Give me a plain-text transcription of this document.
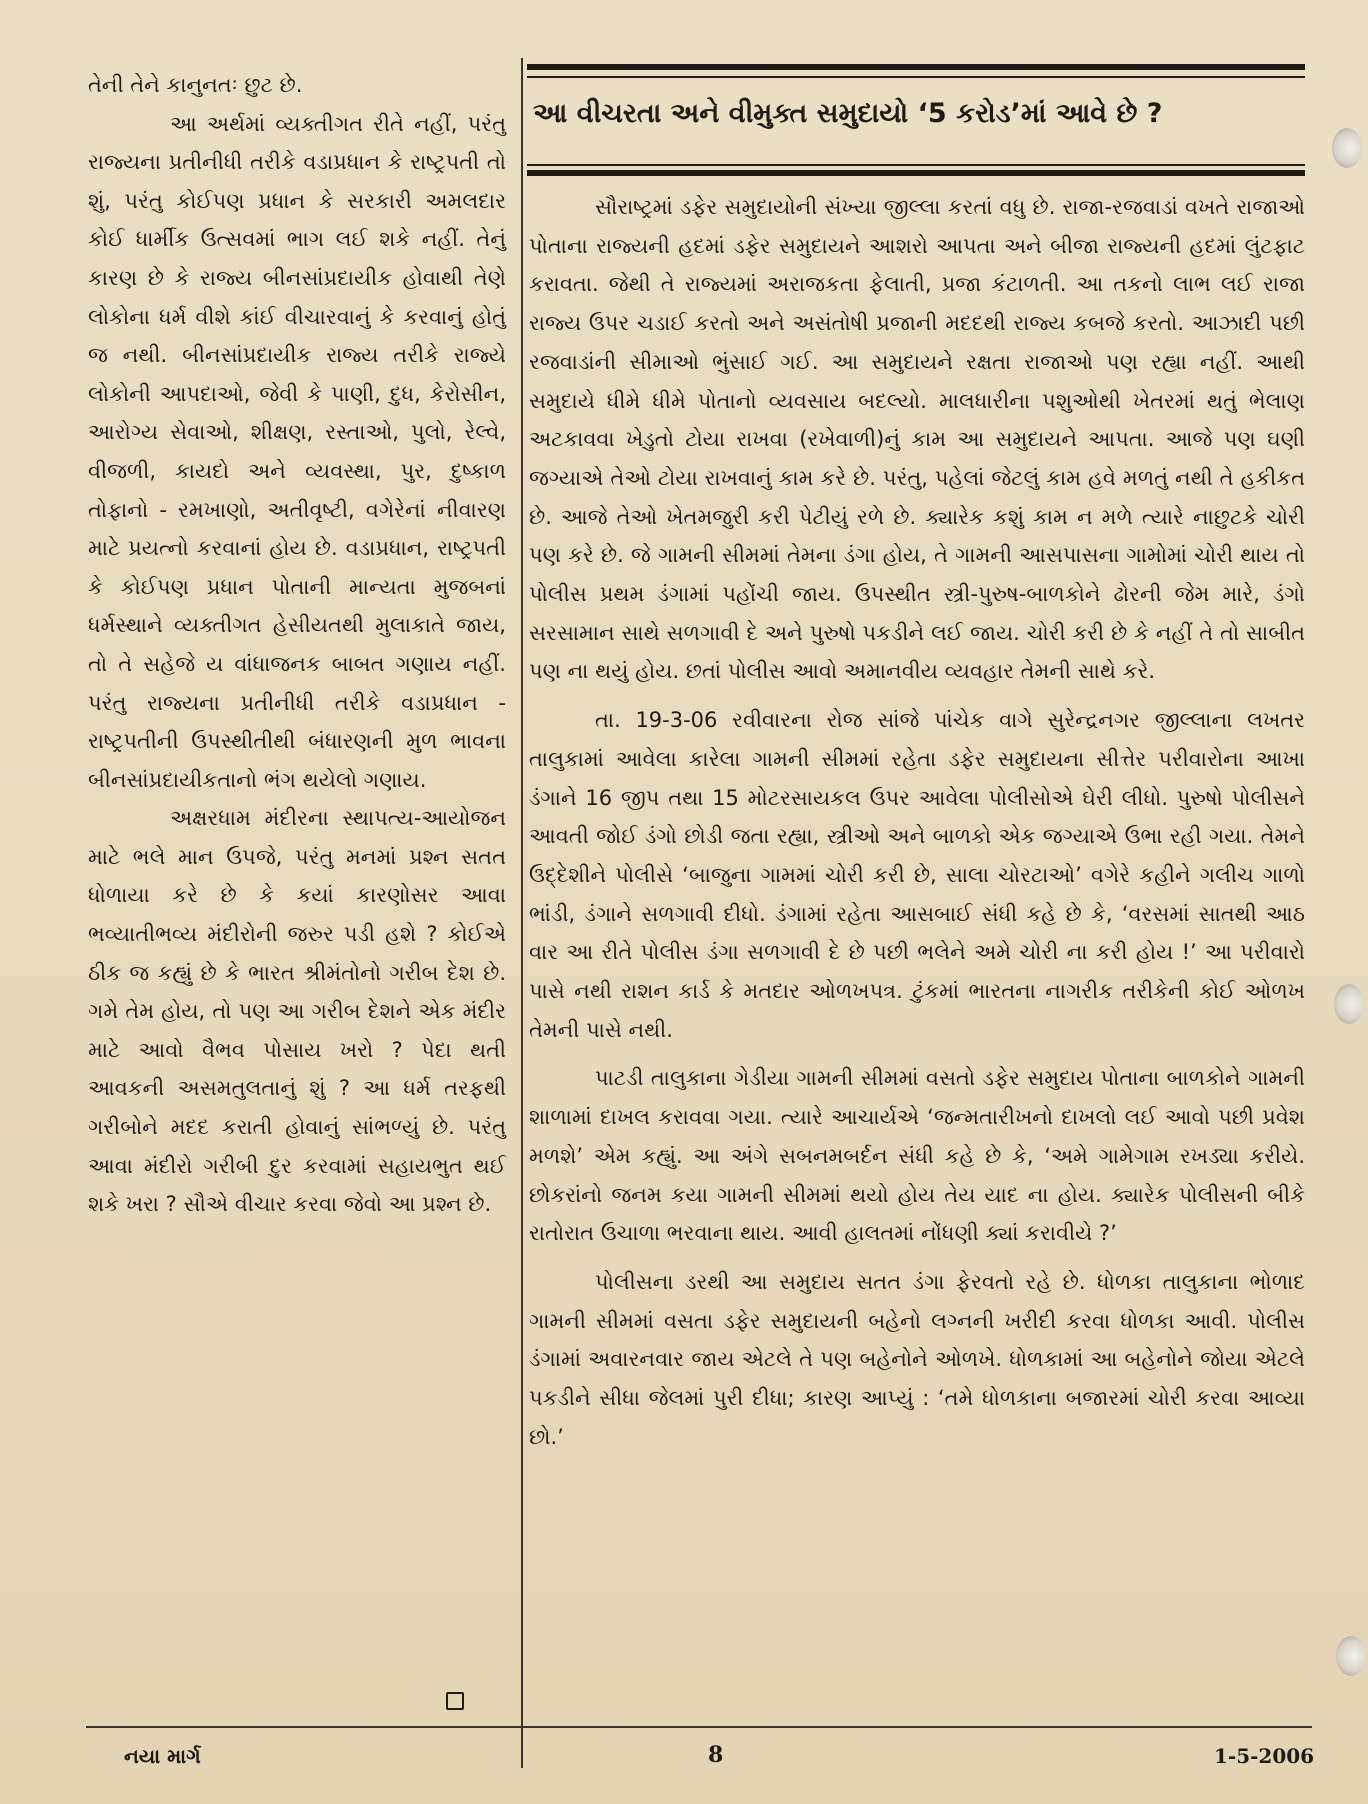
તેની તેને કાનુનતઃ છુટ છે.

આ અર્થમાં વ્યક્તીગત રીતે નહીં, પરંતુ રાજ્યના પ્રતીનીધી તરીકે વડાપ્રધાન કે રાષ્ટ્રપતી તો શું, પરંતુ કોઈપણ પ્રધાન કે સરકારી અમલદાર કોઈ ધાર્મીક ઉત્સવમાં ભાગ લઈ શકે નહીં. તેનું કારણ છે કે રાજ્ય બીનસાંપ્રદાયીક હોવાથી તેણે લોકોના ધર્મ વીશે કાંઈ વીચારવાનું કે કરવાનું હોતું જ નથી. બીનસાંપ્રદાયીક રાજ્ય તરીકે રાજ્યે લોકોની આપદાઓ, જેવી કે પાણી, દુધ, કેરોસીન, આરોગ્ય સેવાઓ, શીક્ષણ, રસ્તાઓ, પુલો, રેલ્વે, વીજળી, કાયદો અને વ્યવસ્થા, પુર, દુષ્કાળ તોફાનો - રમખાણો, અતીવૃષ્ટી, વગેરેનાં નીવારણ માટે પ્રયત્નો કરવાનાં હોય છે. વડાપ્રધાન, રાષ્ટ્રપતી કે કોઈપણ પ્રધાન પોતાની માન્યતા મુજબનાં ધર્મસ્થાને વ્યક્તીગત હેસીયતથી મુલાકાતે જાય, તો તે સહેજે ય વાંધાજનક બાબત ગણાય નહીં. પરંતુ રાજ્યના પ્રતીનીધી તરીકે વડાપ્રધાન - રાષ્ટ્રપતીની ઉપસ્થીતીથી બંધારણની મુળ ભાવના બીનસાંપ્રદાયીકતાનો ભંગ થયેલો ગણાય.

અક્ષરધામ મંદીરના સ્થાપત્ય-આયોજન માટે ભલે માન ઉપજે, પરંતુ મનમાં પ્રશ્ન સતત ધોળાયા કરે છે કે કયાં કારણોસર આવા ભવ્યાતીભવ્ય મંદીરોની જરુર પડી હશે ? કોઈએ ઠીક જ કહ્યું છે કે ભારત શ્રીમંતોનો ગરીબ દેશ છે. ગમે તેમ હોય, તો પણ આ ગરીબ દેશને એક મંદીર માટે આવો વૈભવ પોસાય ખરો ? પેદા થતી આવકની અસમતુલતાનું શું ? આ ધર્મ તરફથી ગરીબોને મદદ કરાતી હોવાનું સાંભળ્યું છે. પરંતુ આવા મંદીરો ગરીબી દુર કરવામાં સહાયભુત થઈ શકે ખરા ? સૌએ વીચાર કરવા જેવો આ પ્રશ્ન છે.

આ વીચરતા અને વીમુક્ત સમુદાયો ‘5 કરોડ’માં આવે છે ?

સૌરાષ્ટ્રમાં ડફેર સમુદાયોની સંખ્યા જીલ્લા કરતાં વધુ છે. રાજા-રજવાડાં વખતે રાજાઓ પોતાના રાજ્યની હદમાં ડફેર સમુદાયને આશરો આપતા અને બીજા રાજ્યની હદમાં લુંટફાટ કરાવતા. જેથી તે રાજ્યમાં અરાજકતા ફેલાતી, પ્રજા કંટાળતી. આ તકનો લાભ લઈ રાજા રાજ્ય ઉપર ચડાઈ કરતો અને અસંતોષી પ્રજાની મદદથી રાજ્ય કબજે કરતો. આઝાદી પછી રજવાડાંની સીમાઓ ભુંસાઈ ગઈ. આ સમુદાયને રક્ષતા રાજાઓ પણ રહ્યા નહીં. આથી સમુદાયે ધીમે ધીમે પોતાનો વ્યવસાય બદલ્યો. માલધારીના પશુઓથી ખેતરમાં થતું ભેલાણ અટકાવવા ખેડુતો ટોયા રાખવા (રખેવાળી)નું કામ આ સમુદાયને આપતા. આજે પણ ઘણી જગ્યાએ તેઓ ટોયા રાખવાનું કામ કરે છે. પરંતુ, પહેલાં જેટલું કામ હવે મળતું નથી તે હકીકત છે. આજે તેઓ ખેતમજુરી કરી પેટીયું રળે છે. ક્યારેક કશું કામ ન મળે ત્યારે નાછુટકે ચોરી પણ કરે છે. જે ગામની સીમમાં તેમના ડંગા હોય, તે ગામની આસપાસના ગામોમાં ચોરી થાય તો પોલીસ પ્રથમ ડંગામાં પહોંચી જાય. ઉપસ્થીત સ્ત્રી-પુરુષ-બાળકોને ઢોરની જેમ મારે, ડંગો સરસામાન સાથે સળગાવી દે અને પુરુષો પકડીને લઈ જાય. ચોરી કરી છે કે નહીં તે તો સાબીત પણ ના થયું હોય. છતાં પોલીસ આવો અમાનવીય વ્યવહાર તેમની સાથે કરે.

તા. 19-3-06 રવીવારના રોજ સાંજે પાંચેક વાગે સુરેન્દ્રનગર જીલ્લાના લખતર તાલુકામાં આવેલા કારેલા ગામની સીમમાં રહેતા ડફેર સમુદાયના સીત્તેર પરીવારોના આખા ડંગાને 16 જીપ તથા 15 મોટરસાયકલ ઉપર આવેલા પોલીસોએ ઘેરી લીધો. પુરુષો પોલીસને આવતી જોઈ ડંગો છોડી જતા રહ્યા, સ્ત્રીઓ અને બાળકો એક જગ્યાએ ઉભા રહી ગયા. તેમને ઉદ્દેશીને પોલીસે ‘બાજુના ગામમાં ચોરી કરી છે, સાલા ચોરટાઓ’ વગેરે કહીને ગલીચ ગાળો ભાંડી, ડંગાને સળગાવી દીધો. ડંગામાં રહેતા આસબાઈ સંધી કહે છે કે, ‘વરસમાં સાતથી આઠ વાર આ રીતે પોલીસ ડંગા સળગાવી દે છે પછી ભલેને અમે ચોરી ના કરી હોય !’ આ પરીવારો પાસે નથી રાશન કાર્ડ કે મતદાર ઓળખપત્ર. ટુંકમાં ભારતના નાગરીક તરીકેની કોઈ ઓળખ તેમની પાસે નથી.

પાટડી તાલુકાના ગેડીયા ગામની સીમમાં વસતો ડફેર સમુદાય પોતાના બાળકોને ગામની શાળામાં દાખલ કરાવવા ગયા. ત્યારે આચાર્યએ ‘જન્મતારીખનો દાખલો લઈ આવો પછી પ્રવેશ મળશે’ એમ કહ્યું. આ અંગે સબનમબર્દન સંધી કહે છે કે, ‘અમે ગામેગામ રખડ્યા કરીયે. છોકરાંનો જનમ કયા ગામની સીમમાં થયો હોય તેય યાદ ના હોય. ક્યારેક પોલીસની બીકે રાતોરાત ઉચાળા ભરવાના થાય. આવી હાલતમાં નોંધણી ક્યાં કરાવીયે ?’

પોલીસના ડરથી આ સમુદાય સતત ડંગા ફેરવતો રહે છે. ધોળકા તાલુકાના ભોળાદ ગામની સીમમાં વસતા ડફેર સમુદાયની બહેનો લગ્નની ખરીદી કરવા ધોળકા આવી. પોલીસ ડંગામાં અવારનવાર જાય એટલે તે પણ બહેનોને ઓળખે. ધોળકામાં આ બહેનોને જોયા એટલે પકડીને સીધા જેલમાં પુરી દીધા; કારણ આપ્યું : ‘તમે ધોળકાના બજારમાં ચોરી કરવા આવ્યા છો.’

નયા માર્ગ	8	1-5-2006
